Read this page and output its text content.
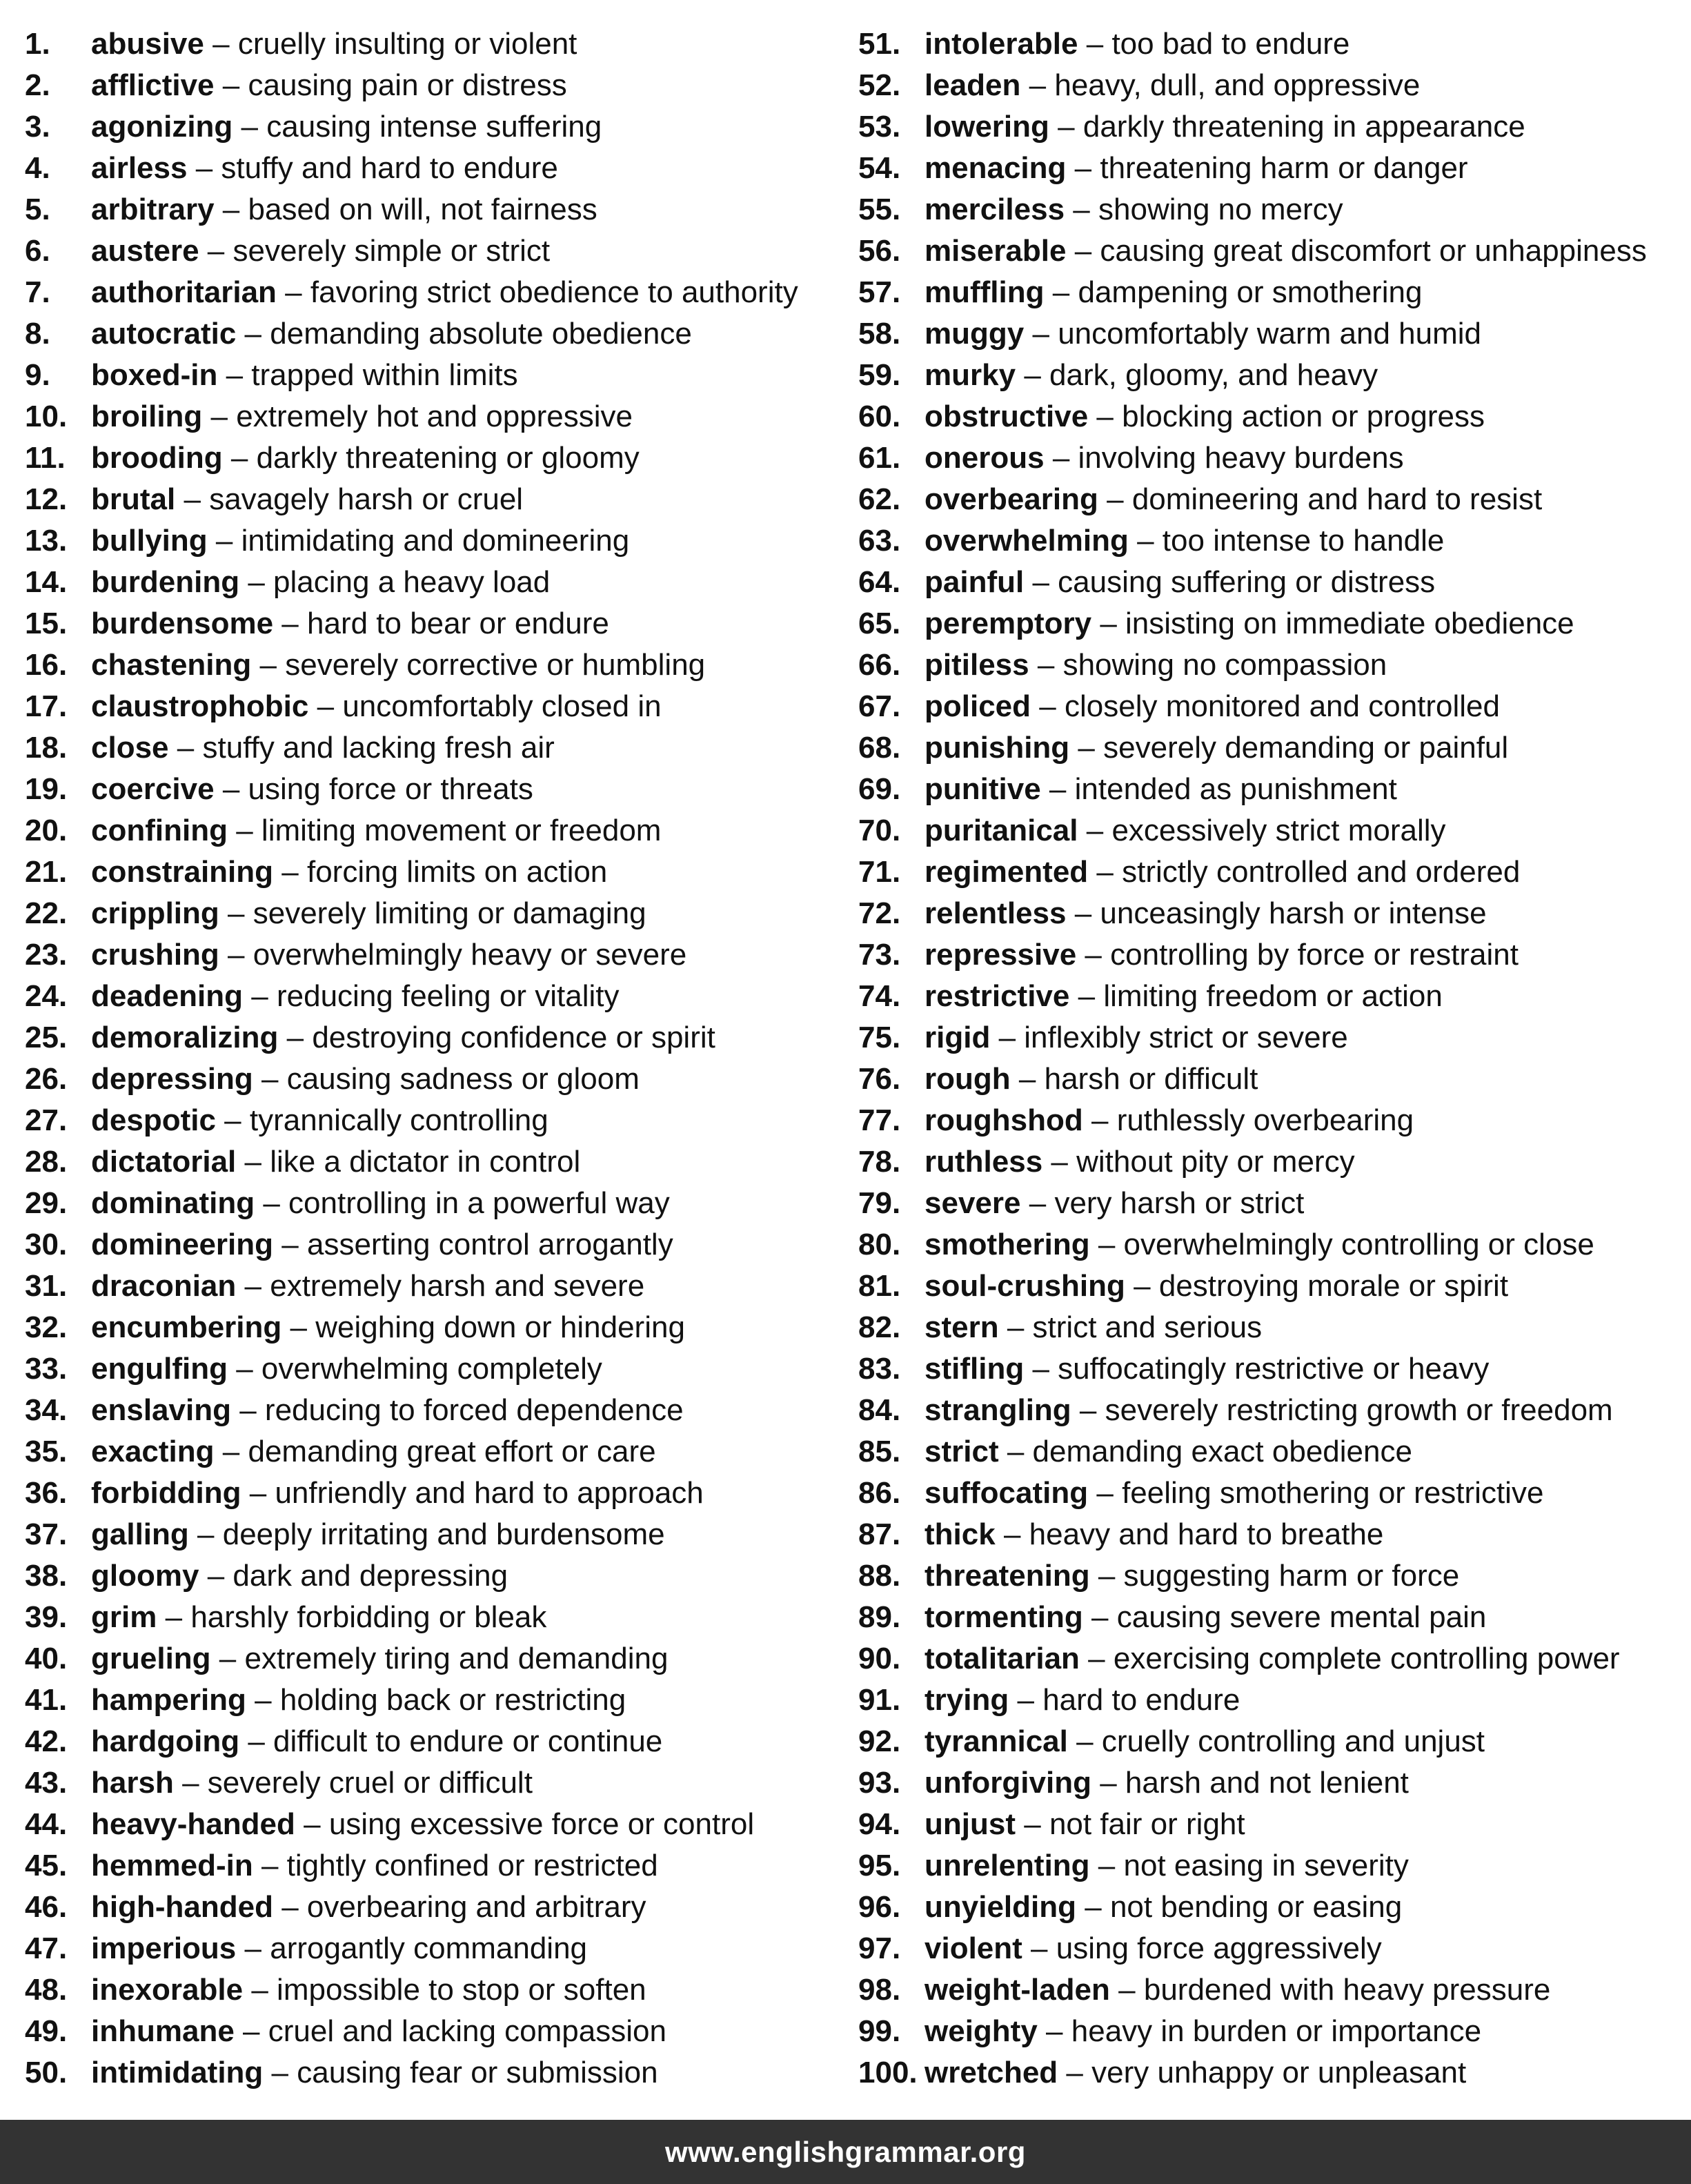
1. abusive – cruelly insulting or violent
2. afflictive – causing pain or distress
3. agonizing – causing intense suffering
4. airless – stuffy and hard to endure
5. arbitrary – based on will, not fairness
6. austere – severely simple or strict
7. authoritarian – favoring strict obedience to authority
8. autocratic – demanding absolute obedience
9. boxed-in – trapped within limits
10. broiling – extremely hot and oppressive
11. brooding – darkly threatening or gloomy
12. brutal – savagely harsh or cruel
13. bullying – intimidating and domineering
14. burdening – placing a heavy load
15. burdensome – hard to bear or endure
16. chastening – severely corrective or humbling
17. claustrophobic – uncomfortably closed in
18. close – stuffy and lacking fresh air
19. coercive – using force or threats
20. confining – limiting movement or freedom
21. constraining – forcing limits on action
22. crippling – severely limiting or damaging
23. crushing – overwhelmingly heavy or severe
24. deadening – reducing feeling or vitality
25. demoralizing – destroying confidence or spirit
26. depressing – causing sadness or gloom
27. despotic – tyrannically controlling
28. dictatorial – like a dictator in control
29. dominating – controlling in a powerful way
30. domineering – asserting control arrogantly
31. draconian – extremely harsh and severe
32. encumbering – weighing down or hindering
33. engulfing – overwhelming completely
34. enslaving – reducing to forced dependence
35. exacting – demanding great effort or care
36. forbidding – unfriendly and hard to approach
37. galling – deeply irritating and burdensome
38. gloomy – dark and depressing
39. grim – harshly forbidding or bleak
40. grueling – extremely tiring and demanding
41. hampering – holding back or restricting
42. hardgoing – difficult to endure or continue
43. harsh – severely cruel or difficult
44. heavy-handed – using excessive force or control
45. hemmed-in – tightly confined or restricted
46. high-handed – overbearing and arbitrary
47. imperious – arrogantly commanding
48. inexorable – impossible to stop or soften
49. inhumane – cruel and lacking compassion
50. intimidating – causing fear or submission
51. intolerable – too bad to endure
52. leaden – heavy, dull, and oppressive
53. lowering – darkly threatening in appearance
54. menacing – threatening harm or danger
55. merciless – showing no mercy
56. miserable – causing great discomfort or unhappiness
57. muffling – dampening or smothering
58. muggy – uncomfortably warm and humid
59. murky – dark, gloomy, and heavy
60. obstructive – blocking action or progress
61. onerous – involving heavy burdens
62. overbearing – domineering and hard to resist
63. overwhelming – too intense to handle
64. painful – causing suffering or distress
65. peremptory – insisting on immediate obedience
66. pitiless – showing no compassion
67. policed – closely monitored and controlled
68. punishing – severely demanding or painful
69. punitive – intended as punishment
70. puritanical – excessively strict morally
71. regimented – strictly controlled and ordered
72. relentless – unceasingly harsh or intense
73. repressive – controlling by force or restraint
74. restrictive – limiting freedom or action
75. rigid – inflexibly strict or severe
76. rough – harsh or difficult
77. roughshod – ruthlessly overbearing
78. ruthless – without pity or mercy
79. severe – very harsh or strict
80. smothering – overwhelmingly controlling or close
81. soul-crushing – destroying morale or spirit
82. stern – strict and serious
83. stifling – suffocatingly restrictive or heavy
84. strangling – severely restricting growth or freedom
85. strict – demanding exact obedience
86. suffocating – feeling smothering or restrictive
87. thick – heavy and hard to breathe
88. threatening – suggesting harm or force
89. tormenting – causing severe mental pain
90. totalitarian – exercising complete controlling power
91. trying – hard to endure
92. tyrannical – cruelly controlling and unjust
93. unforgiving – harsh and not lenient
94. unjust – not fair or right
95. unrelenting – not easing in severity
96. unyielding – not bending or easing
97. violent – using force aggressively
98. weight-laden – burdened with heavy pressure
99. weighty – heavy in burden or importance
100. wretched – very unhappy or unpleasant
www.englishgrammar.org
